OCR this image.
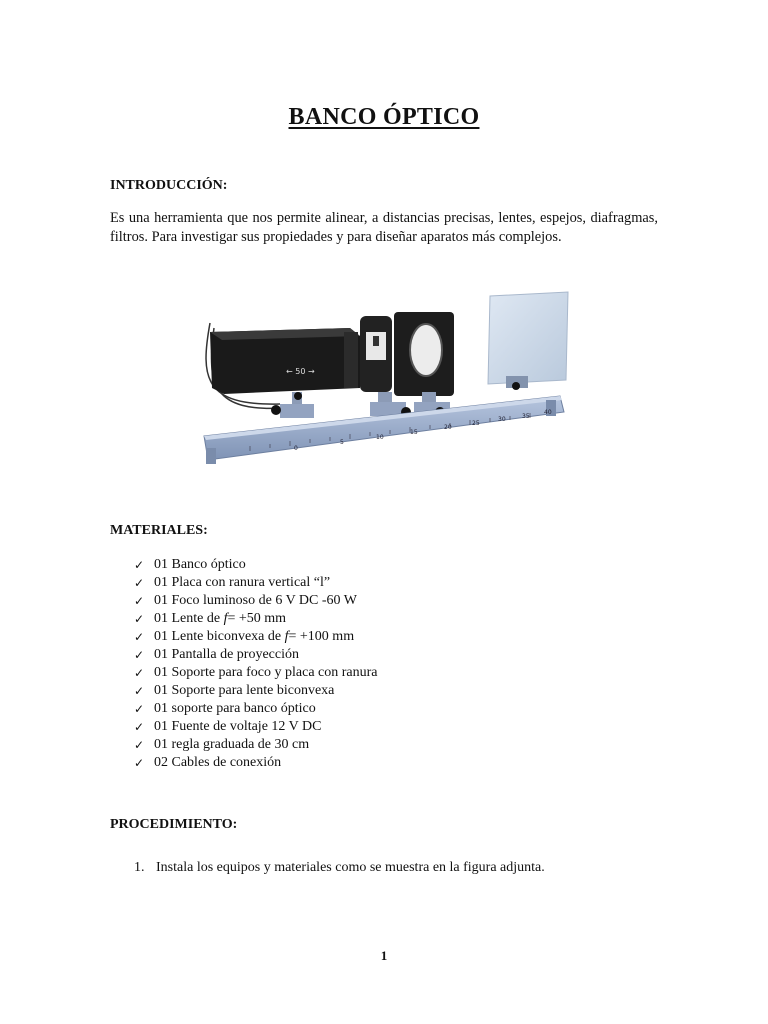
BANCO ÓPTICO
INTRODUCCIÓN:
Es una herramienta que nos permite alinear, a distancias precisas, lentes, espejos, diafragmas, filtros. Para investigar sus propiedades y para diseñar aparatos más complejos.
← 50 →
0
5
10
15
20
25
30	35
40
MATERIALES:
✓ 01 Banco óptico
✓ 01 Placa con ranura vertical “l”
✓ 01 Foco luminoso de 6 V DC -60 W
✓ 01 Lente de f= +50 mm
✓ 01 Lente biconvexa de f= +100 mm
✓ 01 Pantalla de proyección
✓ 01 Soporte para foco y placa con ranura
✓ 01 Soporte para lente biconvexa
✓ 01 soporte para banco óptico
✓ 01 Fuente de voltaje 12 V DC
✓ 01 regla graduada de 30 cm
✓ 02 Cables de conexión
PROCEDIMIENTO:
1. Instala los equipos y materiales como se muestra en la figura adjunta.
1
